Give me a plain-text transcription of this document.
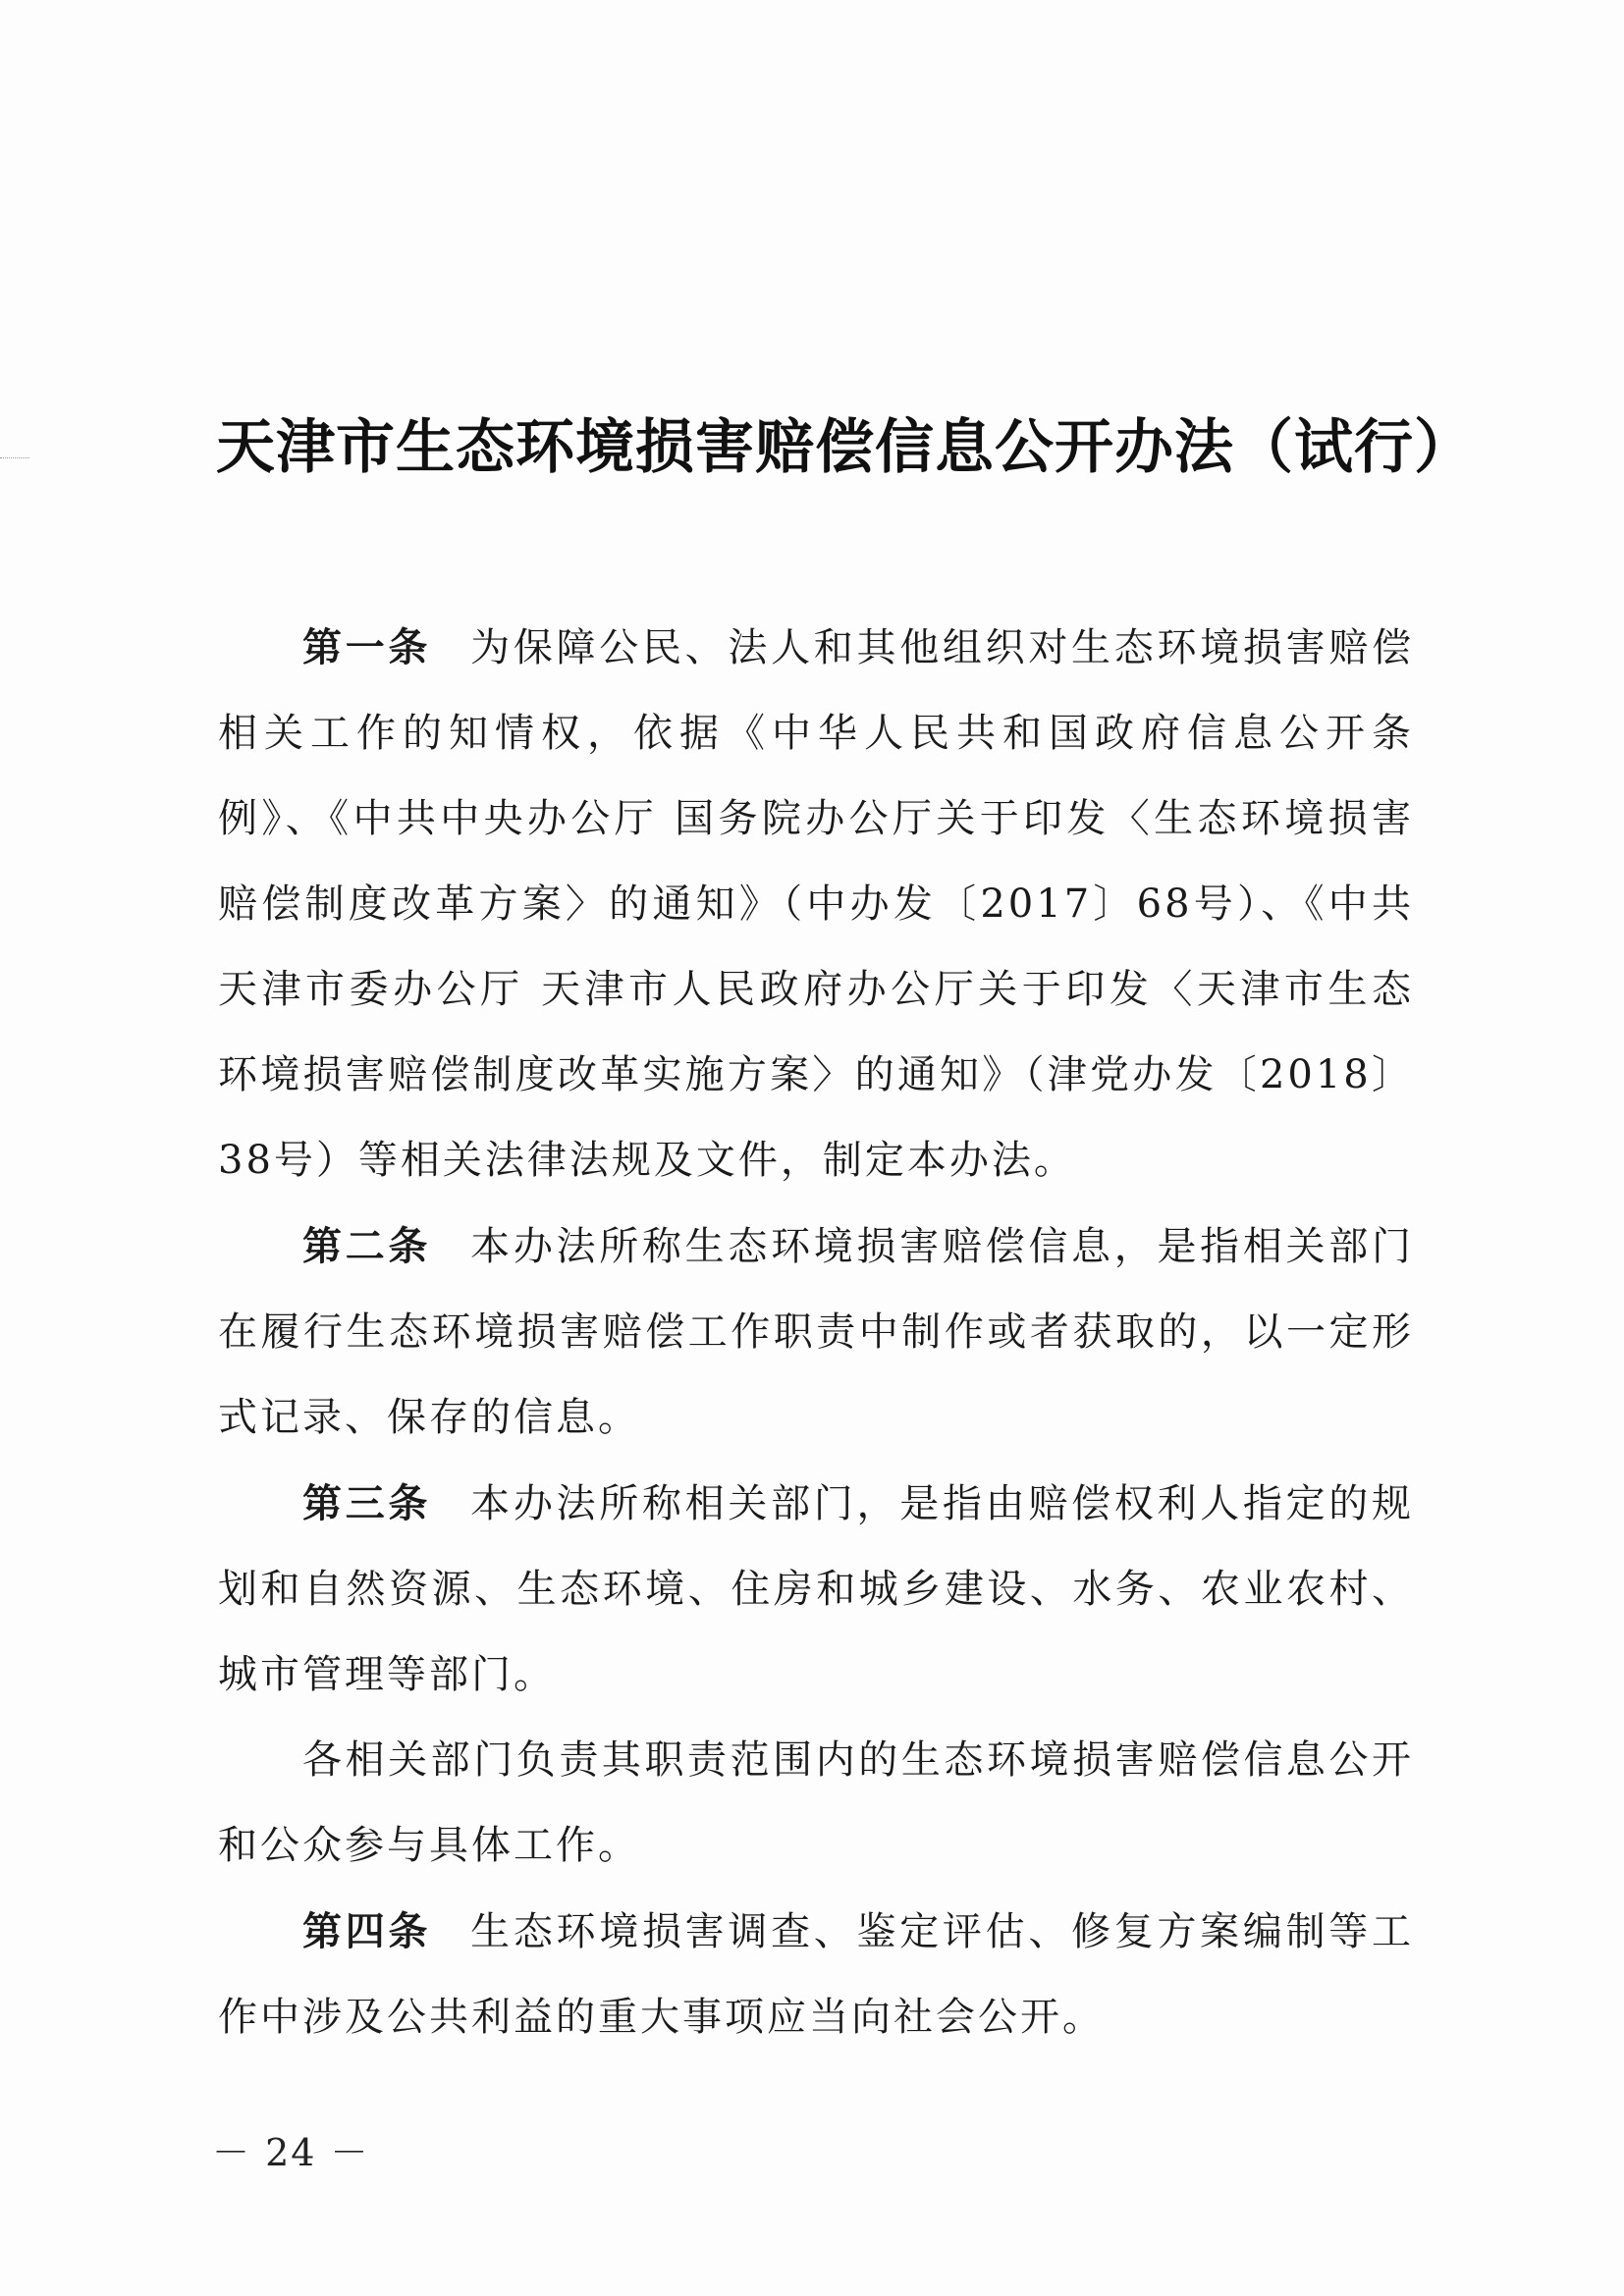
天津市生态环境损害赔偿信息公开办法（试行）

第一条 为保障公民、法人和其他组织对生态环境损害赔偿相关工作的知情权，依据《中华人民共和国政府信息公开条例》、《中共中央办公厅 国务院办公厅关于印发〈生态环境损害赔偿制度改革方案〉的通知》（中办发〔2017〕68号）、《中共天津市委办公厅 天津市人民政府办公厅关于印发〈天津市生态环境损害赔偿制度改革实施方案〉的通知》（津党办发〔2018〕38号）等相关法律法规及文件，制定本办法。

第二条 本办法所称生态环境损害赔偿信息，是指相关部门在履行生态环境损害赔偿工作职责中制作或者获取的，以一定形式记录、保存的信息。

第三条 本办法所称相关部门，是指由赔偿权利人指定的规划和自然资源、生态环境、住房和城乡建设、水务、农业农村、城市管理等部门。

各相关部门负责其职责范围内的生态环境损害赔偿信息公开和公众参与具体工作。

第四条 生态环境损害调查、鉴定评估、修复方案编制等工作中涉及公共利益的重大事项应当向社会公开。

－ 24 －
